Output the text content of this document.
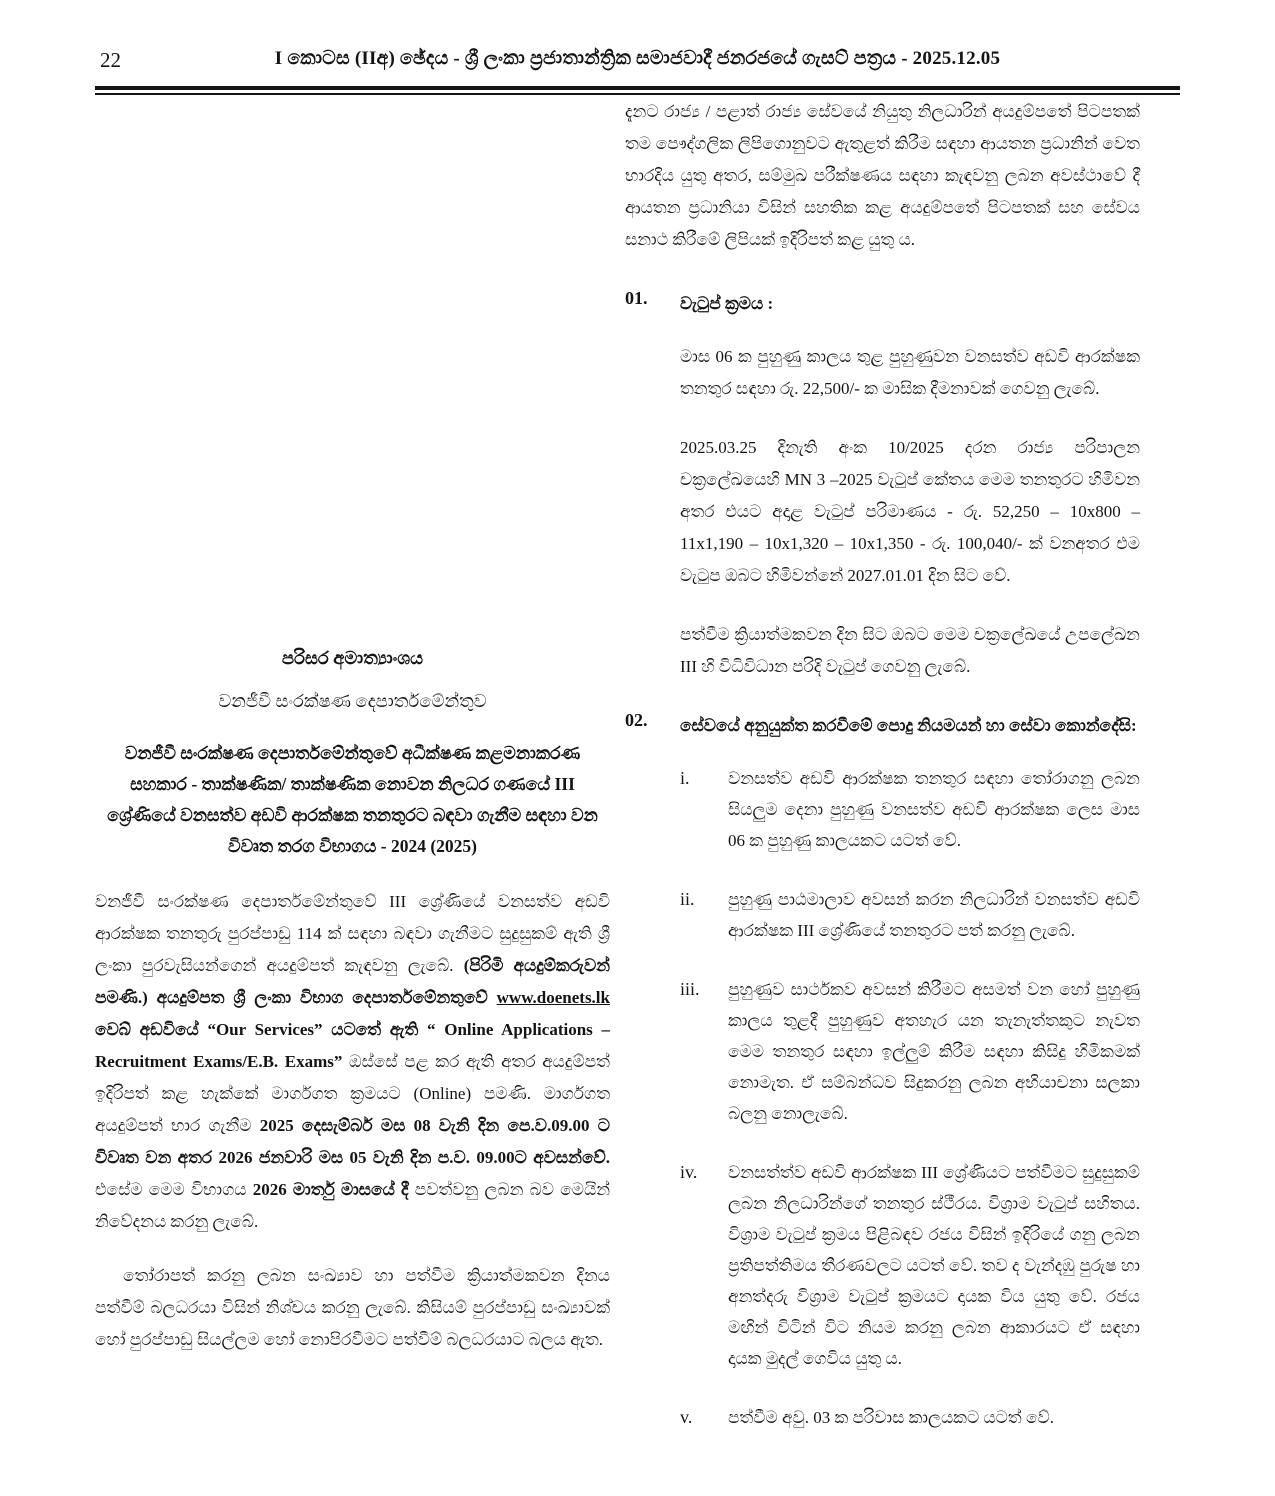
22	I කොටස (IIඅ) ඡේදය - ශ්‍රී ලංකා ප්‍රජාතාන්ත්‍රික සමාජවාදී ජනරජයේ ගැසට් පත්‍රය - 2025.12.05
පරිසර අමාත්‍යාංශය
වනජීවී සංරක්ෂණ දෙපාර්තමේන්තුව
වනජීවී සංරක්ෂණ දෙපාර්තමේන්තුවේ අධීක්ෂණ කළමනාකරණ සහකාර - තාක්ෂණික/ තාක්ෂණික නොවන නිලධර ගණයේ III ශ්‍රේණියේ වනසත්ව අඩවි ආරක්ෂක තනතුරට බඳවා ගැනීම සඳහා වන විවෘත තරග විභාගය - 2024 (2025)

වනජීවී සංරක්ෂණ දෙපාර්තමේන්තුවේ III ශ්‍රේණියේ වනසත්ව අඩවි ආරක්ෂක තනතුරු පුරප්පාඩු 114 ක් සඳහා බඳවා ගැනීමට සුදුසුකම් ඇති ශ්‍රී ලංකා පුරවැසියන්ගෙන් අයදුම්පත් කැඳවනු ලැබේ. (පිරිමි අයදුම්කරුවන් පමණි.) අයදුම්පත ශ්‍රී ලංකා විභාග දෙපාර්තමේනතුවේ www.doenets.lk වෙබ් අඩවියේ “Our Services” යටතේ ඇති “ Online Applications – Recruitment Exams/E.B. Exams” ඔස්සේ පළ කර ඇති අතර අයදුම්පත් ඉදිරිපත් කළ හැක්කේ මාර්ගගත ක්‍රමයට (Online) පමණි. මාර්ගගත අයදුම්පත් භාර ගැනීම 2025 දෙසැම්බර් මස 08 වැනි දින පෙ.ව.09.00 ට විවෘත වන අතර 2026 ජනවාරි මස 05 වැනි දින ප.ව. 09.00ට අවසන්වේ. එසේම මෙම විභාගය 2026 මාර්තු මාසයේ දී පවත්වනු ලබන බව මෙයින් නිවේදනය කරනු ලැබේ.

තෝරාපත් කරනු ලබන සංඛ්‍යාව හා පත්වීම ක්‍රියාත්මකවන දිනය පත්වීම් බලධරයා විසින් නිශ්චය කරනු ලැබේ. කිසියම් පුරප්පාඩු සංඛ්‍යාවක් හෝ පුරප්පාඩු සියල්ලම හෝ නොපිරවීමට පත්වීම් බලධරයාට බලය ඇත.

දැනට රාජ්‍ය / පළාත් රාජ්‍ය සේවයේ නියුතු නිලධාරින් අයදුම්පතේ පිටපතක් තම පෞද්ගලික ලිපිගොනුවට ඇතුළත් කිරීම සඳහා ආයතන ප්‍රධානින් වෙත භාරදිය යුතු අතර, සම්මුඛ පරීක්ෂණය සඳහා කැඳවනු ලබන අවස්ථාවේ දී ආයතන ප්‍රධානියා විසින් සහතික කළ අයදුම්පතේ පිටපතක් සහ සේවය සනාථ කිරීමේ ලිපියක් ඉදිරිපත් කළ යුතු ය.

01.	වැටුප් ක්‍රමය :

මාස 06 ක පුහුණු කාලය තුළ පුහුණුවන වනසත්ව අඩවි ආරක්ෂක තනතුර සඳහා රු. 22,500/- ක මාසික දීමනාවක් ගෙවනු ලැබේ.

2025.03.25 දිනැති අංක 10/2025 දරන රාජ්‍ය පරිපාලන චක්‍රලේඛයෙහි MN 3 –2025 වැටුප් කේතය මෙම තනතුරට හිමිවන අතර එයට අදාළ වැටුප් පරිමාණය - රු. 52,250 – 10x800 – 11x1,190 – 10x1,320 – 10x1,350 - රු. 100,040/- ක් වනඅතර එම වැටුප ඔබට හිමිවන්නේ 2027.01.01 දින සිට වේ.

පත්වීම ක්‍රියාත්මකවන දින සිට ඔබට මෙම චක්‍රලේඛයේ උපලේඛන III හි විධිවිධාන පරිදි වැටුප් ගෙවනු ලැබේ.

02.	සේවයේ අනුයුක්ත කරවීමේ පොදු නියමයන් හා සේවා කොන්දේසි:
i.	වනසත්ව අඩවි ආරක්ෂක තනතුර සඳහා තෝරාගනු ලබන සියලුම දෙනා පුහුණු වනසත්ව අඩවි ආරක්ෂක ලෙස මාස 06 ක පුහුණු කාලයකට යටත් වේ.

ii.	පුහුණු පාඨමාලාව අවසන් කරන නිලධාරින් වනසත්ව අඩවි ආරක්ෂක III ශ්‍රේණියේ තනතුරට පත් කරනු ලැබේ.

iii.	පුහුණුව සාර්ථකව අවසන් කිරීමට අසමත් වන හෝ පුහුණු කාලය තුළදී පුහුණුව අතහැර යන තැනැත්තකුට නැවත මෙම තනතුර සඳහා ඉල්ලුම් කිරීම සඳහා කිසිදු හිමිකමක් නොමැත. ඒ සම්බන්ධව සිදුකරනු ලබන අභියාචනා සලකා බලනු නොලැබේ.

iv.	වනසත්ත්ව අඩවි ආරක්ෂක III ශ්‍රේණියට පත්වීමට සුදුසුකම් ලබන නිලධාරින්ගේ තනතුර ස්ථීරය. විශ්‍රාම වැටුප් සහිතය. විශ්‍රාම වැටුප් ක්‍රමය පිළිබඳව රජය විසින් ඉදිරියේ ගනු ලබන ප්‍රතිපත්තිමය තීරණවලට යටත් වේ. තව ද වැන්දඹු පුරුෂ හා අනත්දරු විශ්‍රාම වැටුප් ක්‍රමයට දායක විය යුතු වේ. රජය මඟින් විටින් විට නියම කරනු ලබන ආකාරයට ඒ සඳහා දායක මුදල් ගෙවිය යුතු ය.

v.	පත්වීම අවු. 03 ක පරිවාස කාලයකට යටත් වේ.
